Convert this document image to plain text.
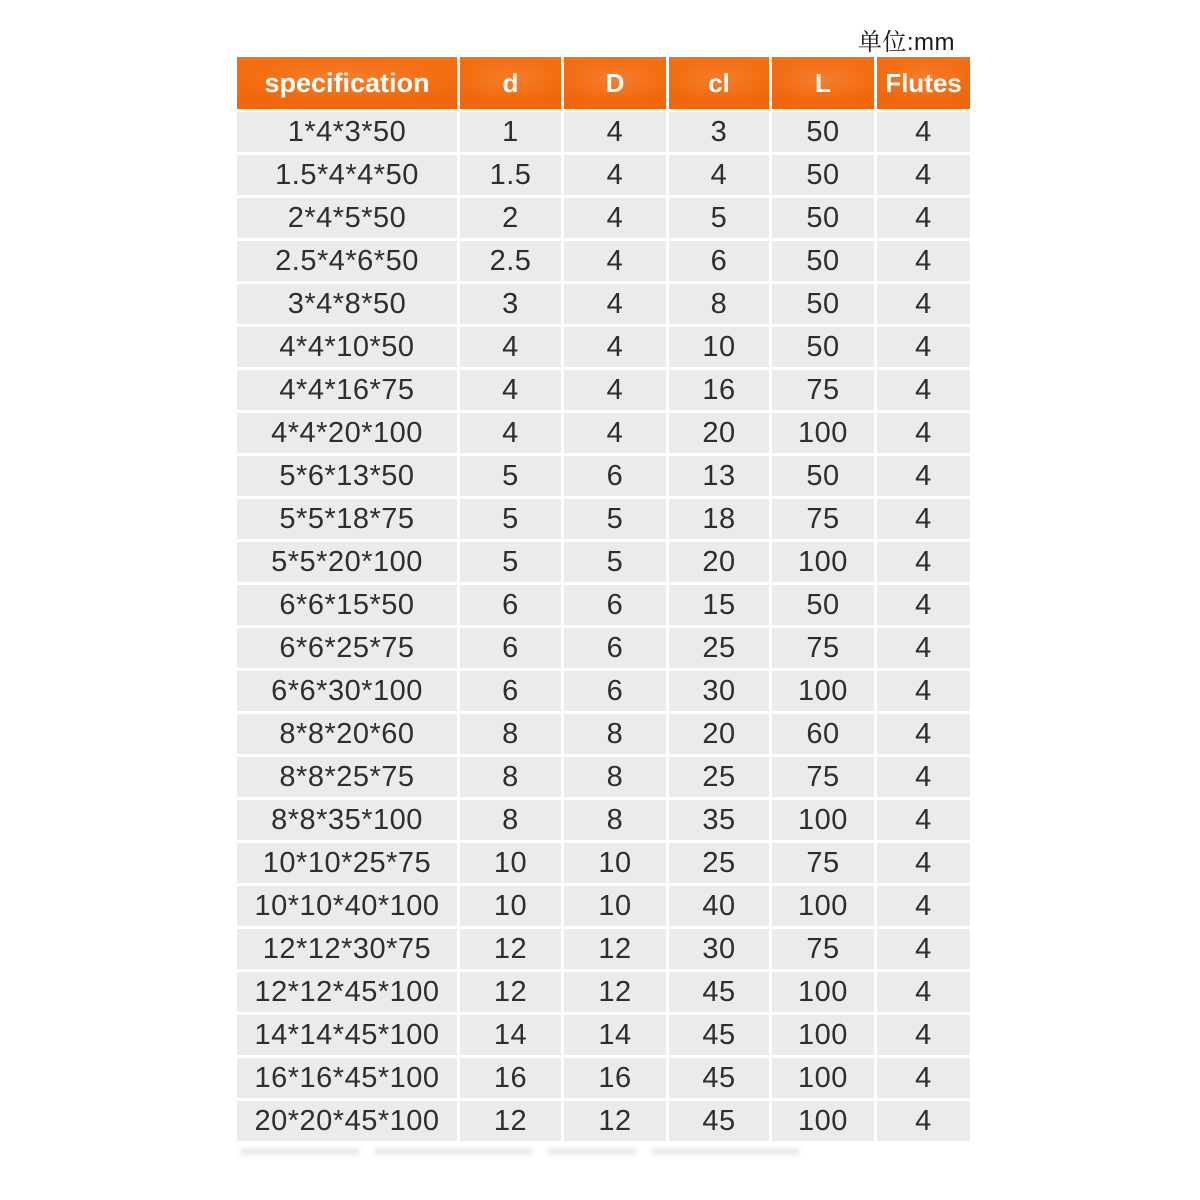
单位:mm
specification	d	D	cl	L	Flutes
1*4*3*50	1	4	3	50	4
1.5*4*4*50	1.5	4	4	50	4
2*4*5*50	2	4	5	50	4
2.5*4*6*50	2.5	4	6	50	4
3*4*8*50	3	4	8	50	4
4*4*10*50	4	4	10	50	4
4*4*16*75	4	4	16	75	4
4*4*20*100	4	4	20	100	4
5*6*13*50	5	6	13	50	4
5*5*18*75	5	5	18	75	4
5*5*20*100	5	5	20	100	4
6*6*15*50	6	6	15	50	4
6*6*25*75	6	6	25	75	4
6*6*30*100	6	6	30	100	4
8*8*20*60	8	8	20	60	4
8*8*25*75	8	8	25	75	4
8*8*35*100	8	8	35	100	4
10*10*25*75	10	10	25	75	4
10*10*40*100	10	10	40	100	4
12*12*30*75	12	12	30	75	4
12*12*45*100	12	12	45	100	4
14*14*45*100	14	14	45	100	4
16*16*45*100	16	16	45	100	4
20*20*45*100	12	12	45	100	4
